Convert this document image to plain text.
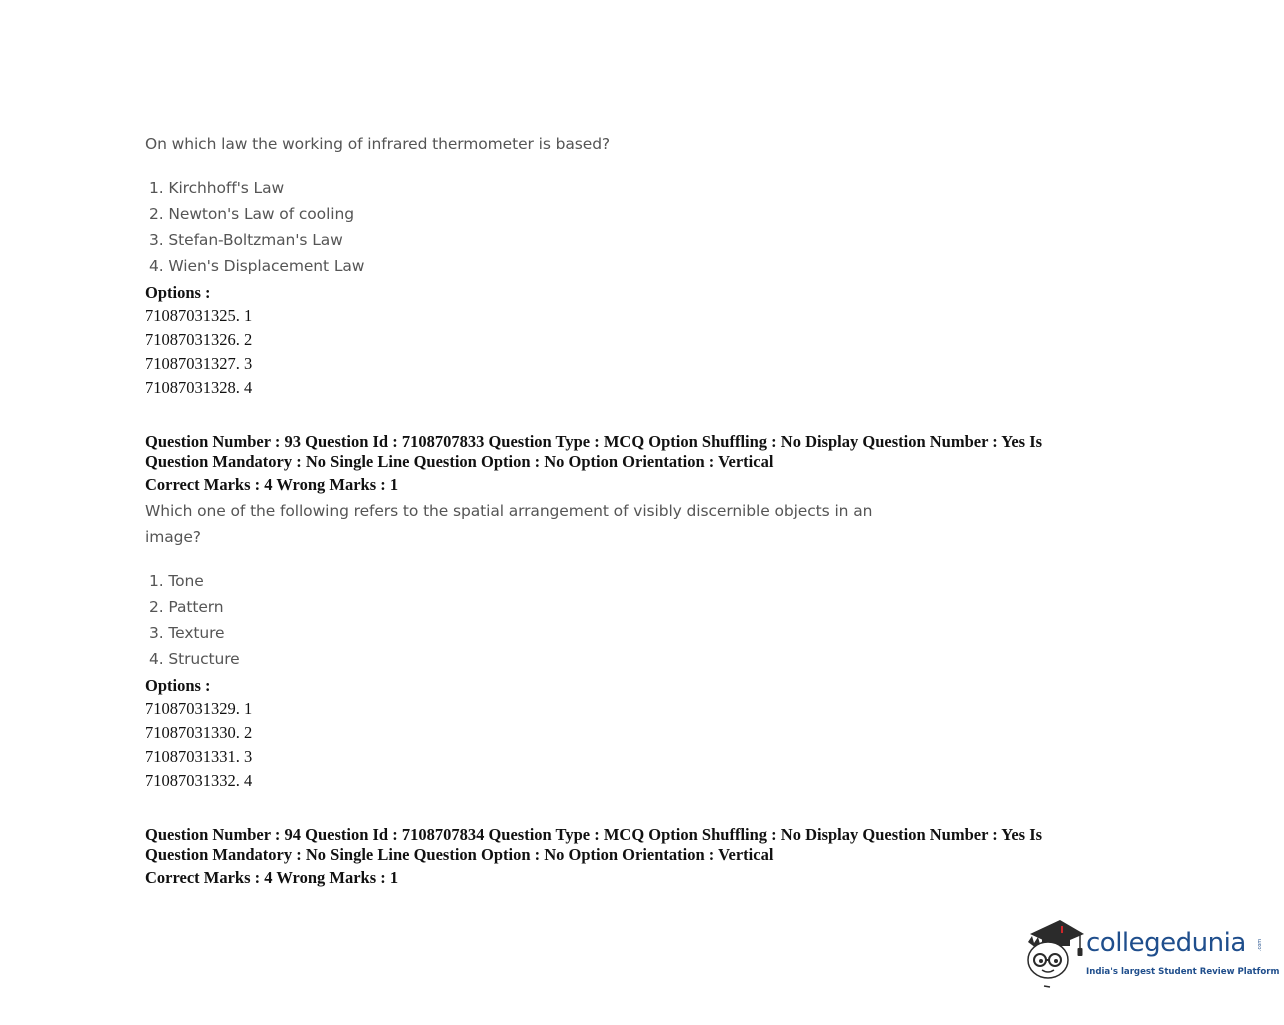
On which law the working of infrared thermometer is based?
1. Kirchhoff's Law
2. Newton's Law of cooling
3. Stefan-Boltzman's Law
4. Wien's Displacement Law
Options :
71087031325. 1
71087031326. 2
71087031327. 3
71087031328. 4
Question Number : 93 Question Id : 7108707833 Question Type : MCQ Option Shuffling : No Display Question Number : Yes Is
Question Mandatory : No Single Line Question Option : No Option Orientation : Vertical
Correct Marks : 4 Wrong Marks : 1
Which one of the following refers to the spatial arrangement of visibly discernible objects in an
image?
1. Tone
2. Pattern
3. Texture
4. Structure
Options :
71087031329. 1
71087031330. 2
71087031331. 3
71087031332. 4
Question Number : 94 Question Id : 7108707834 Question Type : MCQ Option Shuffling : No Display Question Number : Yes Is
Question Mandatory : No Single Line Question Option : No Option Orientation : Vertical
Correct Marks : 4 Wrong Marks : 1
collegedunia .com
India's largest Student Review Platform
